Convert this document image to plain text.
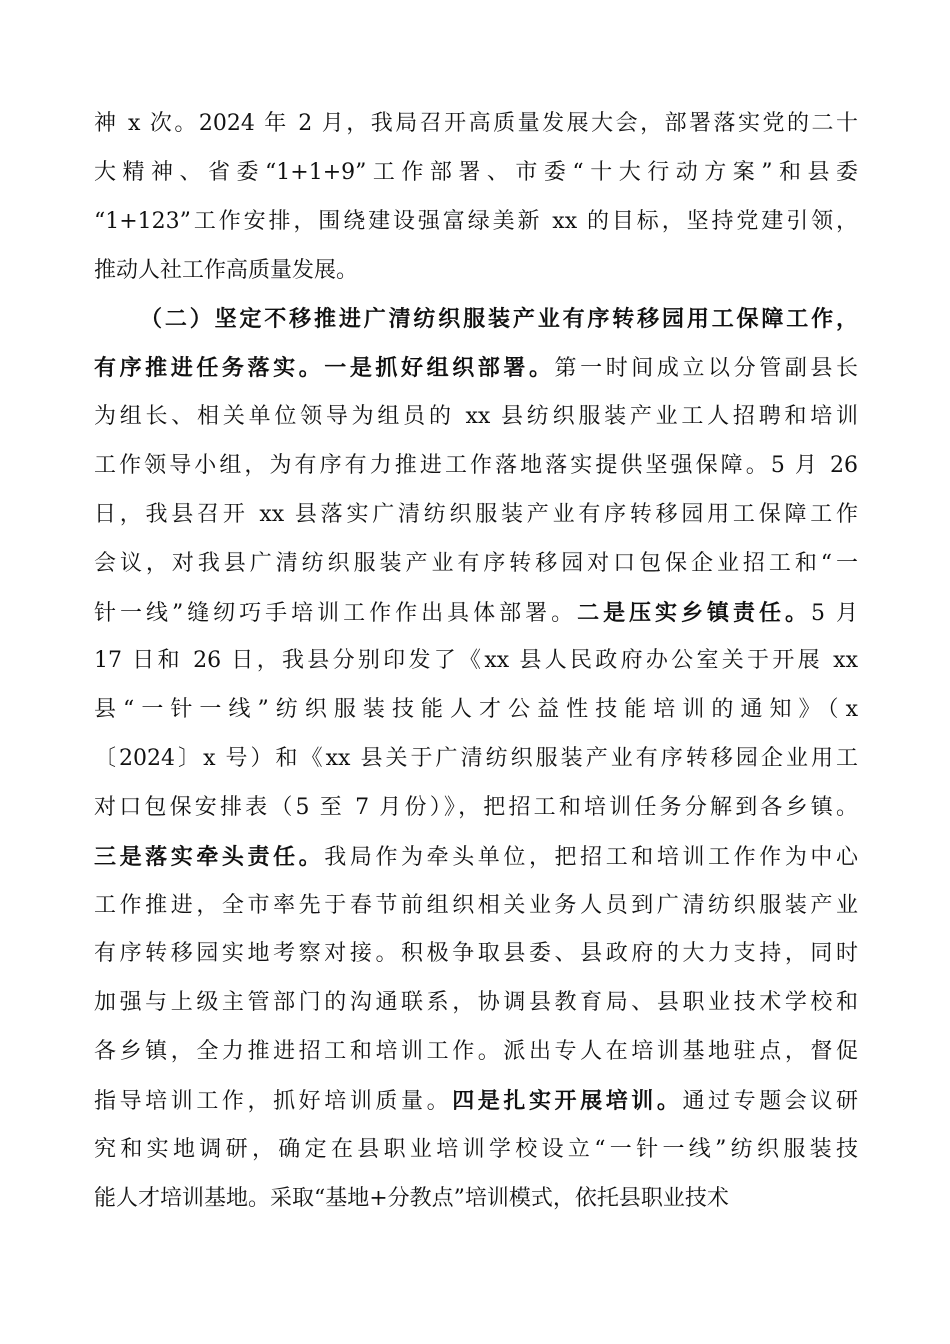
神 x 次。2024 年 2 月，我局召开高质量发展大会，部署落实党的二十
大精神、省委“1+1+9”工作部署、市委“十大行动方案”和县委
“1+123”工作安排，围绕建设强富绿美新 xx 的目标，坚持党建引领，
推动人社工作高质量发展。
（二）坚定不移推进广清纺织服装产业有序转移园用工保障工作，
有序推进任务落实。一是抓好组织部署。第一时间成立以分管副县长
为组长、相关单位领导为组员的 xx 县纺织服装产业工人招聘和培训
工作领导小组，为有序有力推进工作落地落实提供坚强保障。5 月 26
日，我县召开 xx 县落实广清纺织服装产业有序转移园用工保障工作
会议，对我县广清纺织服装产业有序转移园对口包保企业招工和“一
针一线”缝纫巧手培训工作作出具体部署。二是压实乡镇责任。5 月
17 日和 26 日，我县分别印发了《xx 县人民政府办公室关于开展 xx
县“一针一线”纺织服装技能人才公益性技能培训的通知》（x
〔2024〕x 号）和《xx 县关于广清纺织服装产业有序转移园企业用工
对口包保安排表（5 至 7 月份）》，把招工和培训任务分解到各乡镇。
三是落实牵头责任。我局作为牵头单位，把招工和培训工作作为中心
工作推进，全市率先于春节前组织相关业务人员到广清纺织服装产业
有序转移园实地考察对接。积极争取县委、县政府的大力支持，同时
加强与上级主管部门的沟通联系，协调县教育局、县职业技术学校和
各乡镇，全力推进招工和培训工作。派出专人在培训基地驻点，督促
指导培训工作，抓好培训质量。四是扎实开展培训。通过专题会议研
究和实地调研，确定在县职业培训学校设立“一针一线”纺织服装技
能人才培训基地。采取“基地+分教点”培训模式，依托县职业技术
